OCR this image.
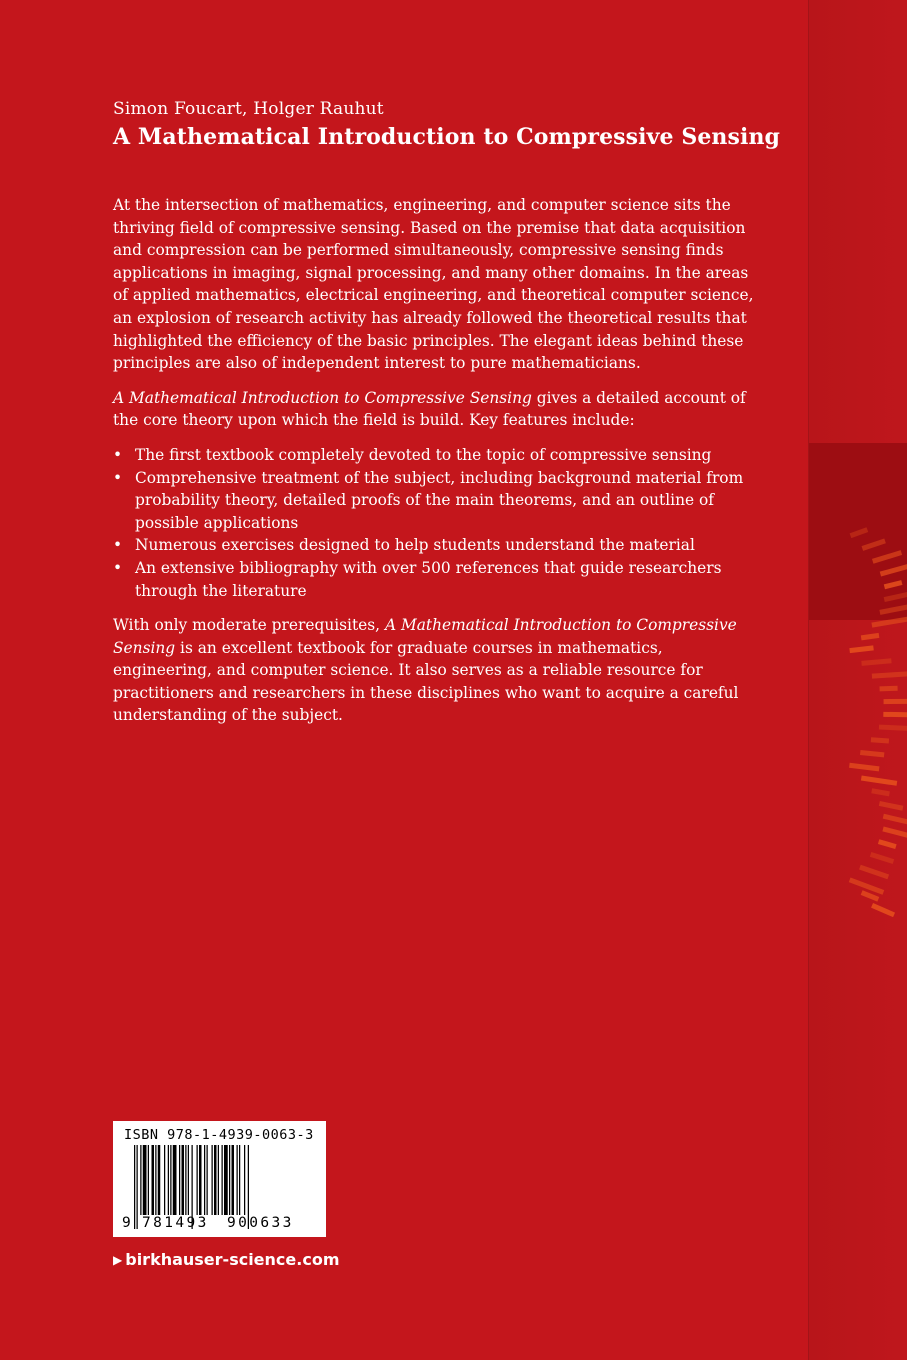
Simon Foucart, Holger Rauhut
A Mathematical Introduction to Compressive Sensing

At the intersection of mathematics, engineering, and computer science sits the thriving field of compressive sensing. Based on the premise that data acquisition and compression can be performed simultaneously, compressive sensing finds applications in imaging, signal processing, and many other domains. In the areas of applied mathematics, electrical engineering, and theoretical computer science, an explosion of research activity has already followed the theoretical results that highlighted the efficiency of the basic principles. The elegant ideas behind these principles are also of independent interest to pure mathematicians.

A Mathematical Introduction to Compressive Sensing gives a detailed account of the core theory upon which the field is build. Key features include:

• The first textbook completely devoted to the topic of compressive sensing
• Comprehensive treatment of the subject, including background material from probability theory, detailed proofs of the main theorems, and an outline of possible applications
• Numerous exercises designed to help students understand the material
• An extensive bibliography with over 500 references that guide researchers through the literature

With only moderate prerequisites, A Mathematical Introduction to Compressive Sensing is an excellent textbook for graduate courses in mathematics, engineering, and computer science. It also serves as a reliable resource for practitioners and researchers in these disciplines who want to acquire a careful understanding of the subject.

ISBN 978-1-4939-0063-3
9 781493 900633
▶ birkhauser-science.com
